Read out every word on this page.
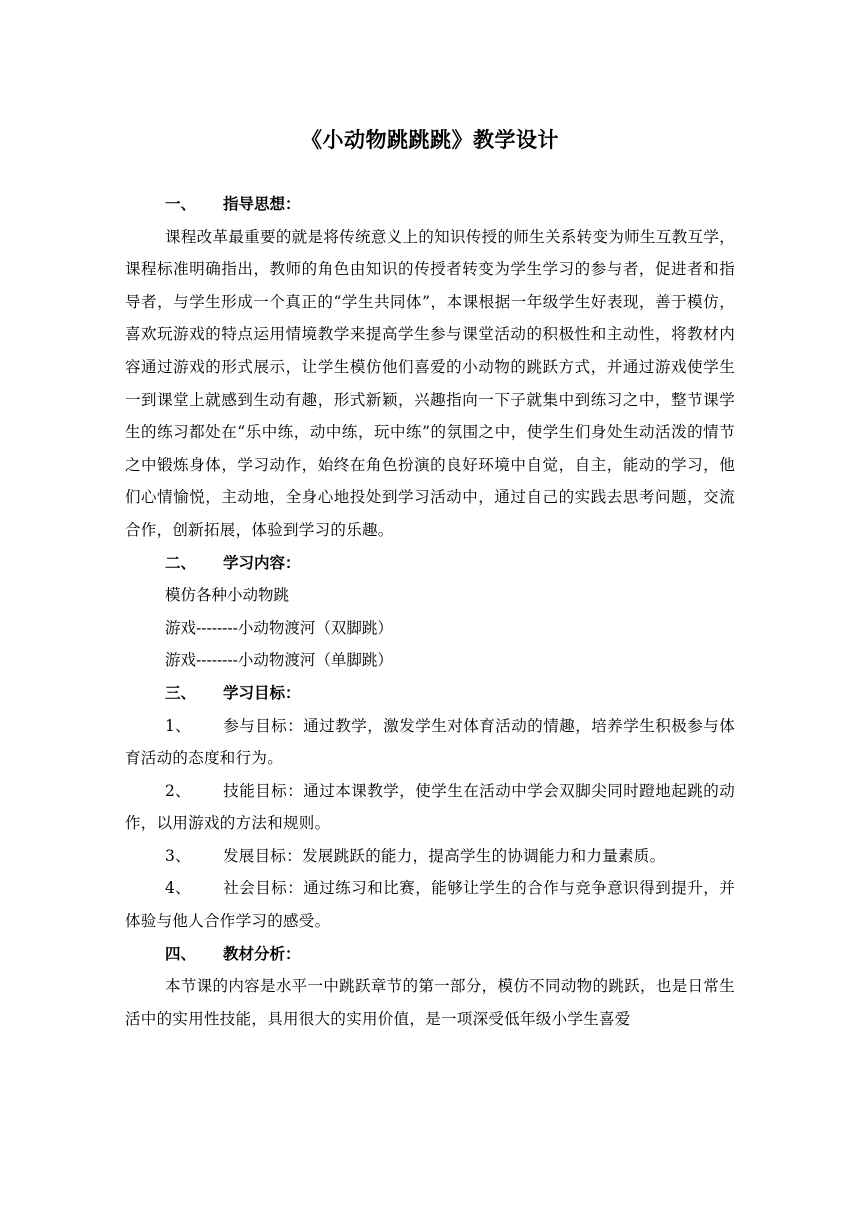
《小动物跳跳跳》教学设计
一、	指导思想：
课程改革最重要的就是将传统意义上的知识传授的师生关系转变为师生互教互学，课程标准明确指出，教师的角色由知识的传授者转变为学生学习的参与者，促进者和指导者，与学生形成一个真正的“学生共同体”，本课根据一年级学生好表现，善于模仿，喜欢玩游戏的特点运用情境教学来提高学生参与课堂活动的积极性和主动性，将教材内容通过游戏的形式展示，让学生模仿他们喜爱的小动物的跳跃方式，并通过游戏使学生一到课堂上就感到生动有趣，形式新颖，兴趣指向一下子就集中到练习之中，整节课学生的练习都处在“乐中练，动中练，玩中练”的氛围之中，使学生们身处生动活泼的情节之中锻炼身体，学习动作，始终在角色扮演的良好环境中自觉，自主，能动的学习，他们心情愉悦，主动地，全身心地投处到学习活动中，通过自己的实践去思考问题，交流合作，创新拓展，体验到学习的乐趣。
二、	学习内容：
模仿各种小动物跳
游戏--------小动物渡河（双脚跳）
游戏--------小动物渡河（单脚跳）
三、	学习目标：
1、 参与目标：通过教学，激发学生对体育活动的情趣，培养学生积极参与体育活动的态度和行为。
2、 技能目标：通过本课教学，使学生在活动中学会双脚尖同时蹬地起跳的动作，以用游戏的方法和规则。
3、 发展目标：发展跳跃的能力，提高学生的协调能力和力量素质。
4、 社会目标：通过练习和比赛，能够让学生的合作与竞争意识得到提升，并体验与他人合作学习的感受。
四、	教材分析：
本节课的内容是水平一中跳跃章节的第一部分，模仿不同动物的跳跃，也是日常生活中的实用性技能，具用很大的实用价值，是一项深受低年级小学生喜爱
